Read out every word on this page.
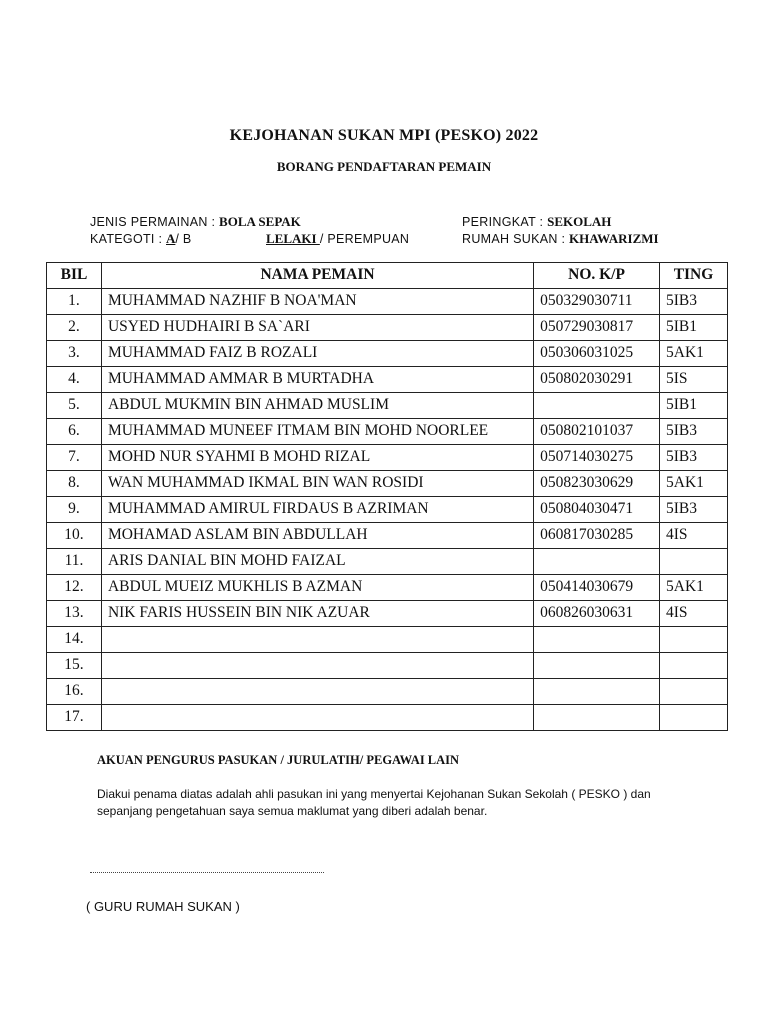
KEJOHANAN SUKAN MPI (PESKO) 2022
BORANG PENDAFTARAN PEMAIN
JENIS PERMAINAN : BOLA SEPAK
KATEGOTI : A/ B	LELAKI / PEREMPUAN
PERINGKAT : SEKOLAH
RUMAH SUKAN : KHAWARIZMI
BIL	NAMA PEMAIN	NO. K/P	TING
1.	MUHAMMAD NAZHIF B NOA'MAN	050329030711	5IB3
2.	USYED HUDHAIRI B SA`ARI	050729030817	5IB1
3.	MUHAMMAD FAIZ B ROZALI	050306031025	5AK1
4.	MUHAMMAD AMMAR B MURTADHA	050802030291	5IS
5.	ABDUL MUKMIN BIN AHMAD MUSLIM		5IB1
6.	MUHAMMAD MUNEEF ITMAM BIN MOHD NOORLEE	050802101037	5IB3
7.	MOHD NUR SYAHMI B MOHD RIZAL	050714030275	5IB3
8.	WAN MUHAMMAD IKMAL BIN WAN ROSIDI	050823030629	5AK1
9.	MUHAMMAD AMIRUL FIRDAUS B AZRIMAN	050804030471	5IB3
10.	MOHAMAD ASLAM BIN ABDULLAH	060817030285	4IS
11.	ARIS DANIAL BIN MOHD FAIZAL		
12.	ABDUL MUEIZ MUKHLIS B AZMAN	050414030679	5AK1
13.	NIK FARIS HUSSEIN BIN NIK AZUAR	060826030631	4IS
14.			
15.			
16.			
17.			
AKUAN PENGURUS PASUKAN / JURULATIH/ PEGAWAI LAIN
Diakui penama diatas adalah ahli pasukan ini yang menyertai Kejohanan Sukan Sekolah ( PESKO ) dan
sepanjang pengetahuan saya semua maklumat yang diberi adalah benar.
( GURU RUMAH SUKAN )
